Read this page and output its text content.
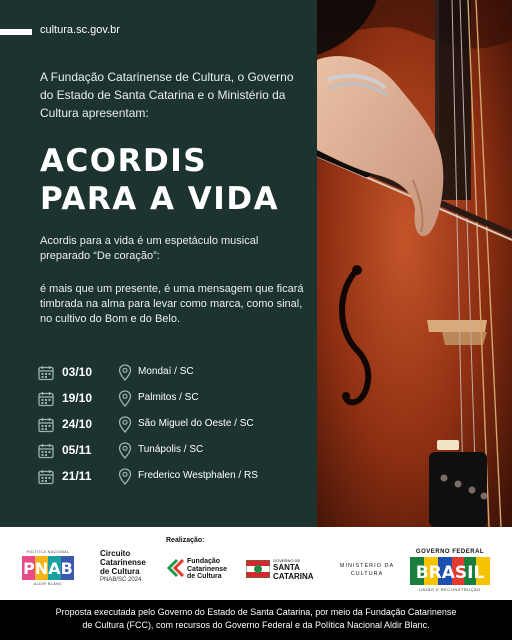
cultura.sc.gov.br
A Fundação Catarinense de Cultura, o Governo do Estado de Santa Catarina e o Ministério da Cultura apresentam:
ACORDIS
PARA A VIDA

Acordis para a vida é um espetáculo musical preparado “De coração”:

é mais que um presente, é uma mensagem que ficará timbrada na alma para levar como marca, como sinal, no cultivo do Bom e do Belo.

03/10	Mondaí / SC
19/10	Palmitos / SC
24/10	São Miguel do Oeste / SC
05/11	Tunápolis / SC
21/11	Frederico Westphalen / RS
Realização:
POLÍTICA NACIONAL
PNAB
ALDIR BLANC
Circuito
Catarinense
de Cultura
PNAB/SC 2024
Fundação
Catarinense
de Cultura
GOVERNO DE
SANTA
CATARINA
MINISTÉRIO DA
CULTURA
GOVERNO FEDERAL
BRASIL
UNIÃO E RECONSTRUÇÃO
Proposta executada pelo Governo do Estado de Santa Catarina, por meio da Fundação Catarinense
de Cultura (FCC), com recursos do Governo Federal e da Política Nacional Aldir Blanc.
